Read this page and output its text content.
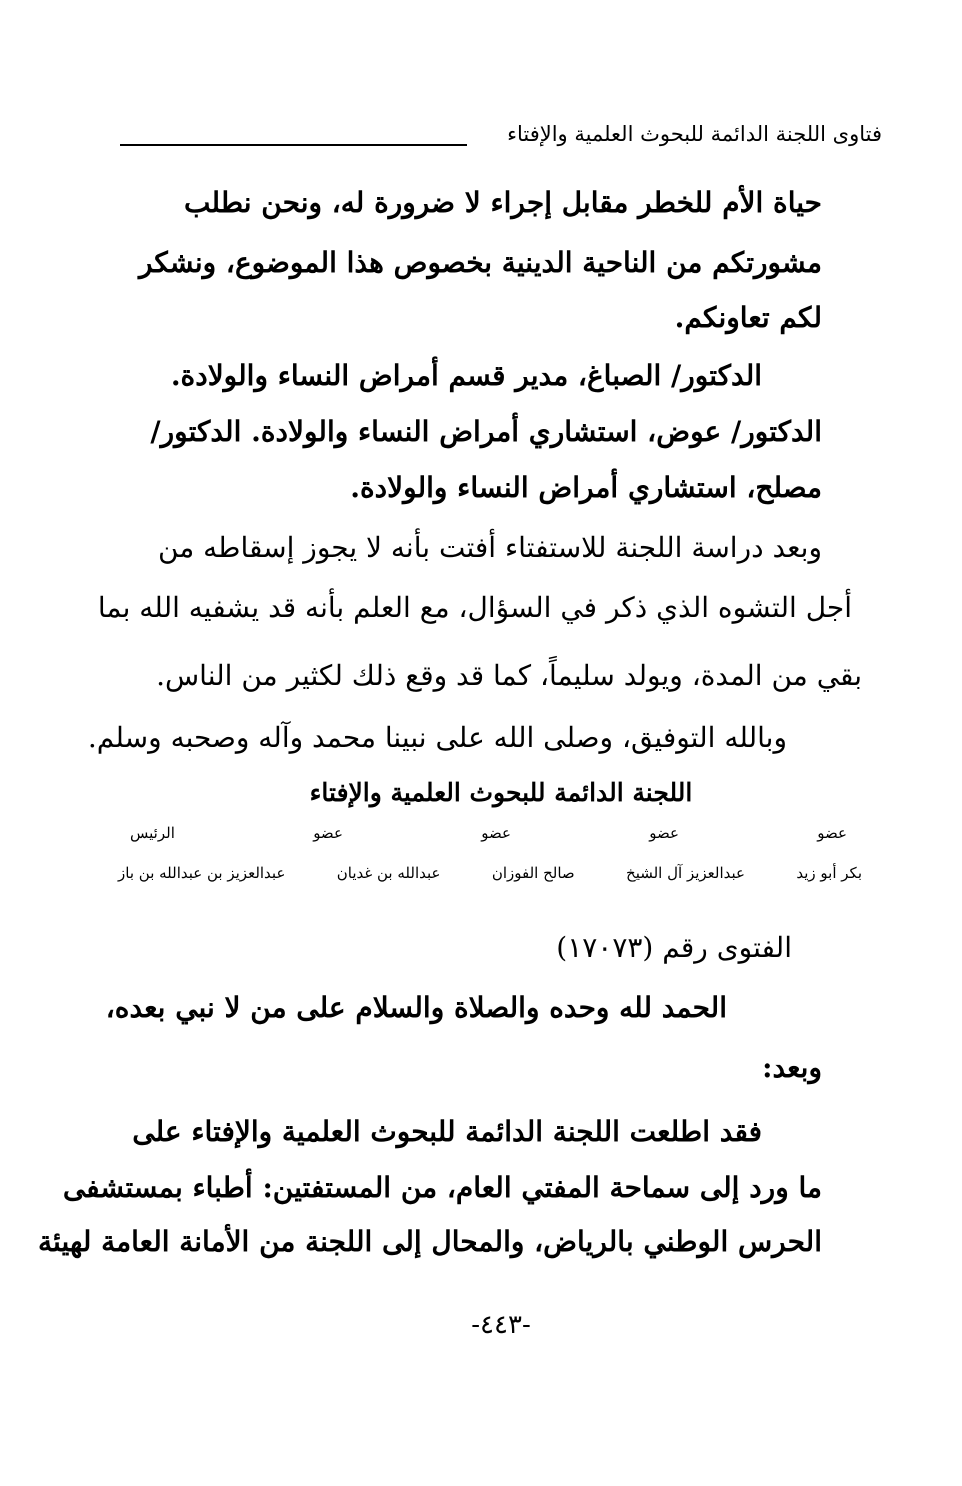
فتاوى اللجنة الدائمة للبحوث العلمية والإفتاء
حياة الأم للخطر مقابل إجراء لا ضرورة له، ونحن نطلب
مشورتكم من الناحية الدينية بخصوص هذا الموضوع، ونشكر
لكم تعاونكم.
الدكتور/ الصباغ، مدير قسم أمراض النساء والولادة.
الدكتور/ عوض، استشاري أمراض النساء والولادة. الدكتور/
مصلح، استشاري أمراض النساء والولادة.
وبعد دراسة اللجنة للاستفتاء أفتت بأنه لا يجوز إسقاطه من
أجل التشوه الذي ذكر في السؤال، مع العلم بأنه قد يشفيه الله بما
بقي من المدة، ويولد سليماً، كما قد وقع ذلك لكثير من الناس.
وبالله التوفيق، وصلى الله على نبينا محمد وآله وصحبه وسلم.
اللجنة الدائمة للبحوث العلمية والإفتاء
عضو
عضو
عضو
عضو
الرئيس
بكر أبو زيد
عبدالعزيز آل الشيخ
صالح الفوزان
عبدالله بن غديان
عبدالعزيز بن عبدالله بن باز
الفتوى رقم (١٧٠٧٣)
الحمد لله وحده والصلاة والسلام على من لا نبي بعده،
وبعد:
فقد اطلعت اللجنة الدائمة للبحوث العلمية والإفتاء على
ما ورد إلى سماحة المفتي العام، من المستفتين: أطباء بمستشفى
الحرس الوطني بالرياض، والمحال إلى اللجنة من الأمانة العامة لهيئة
-٤٤٣-
